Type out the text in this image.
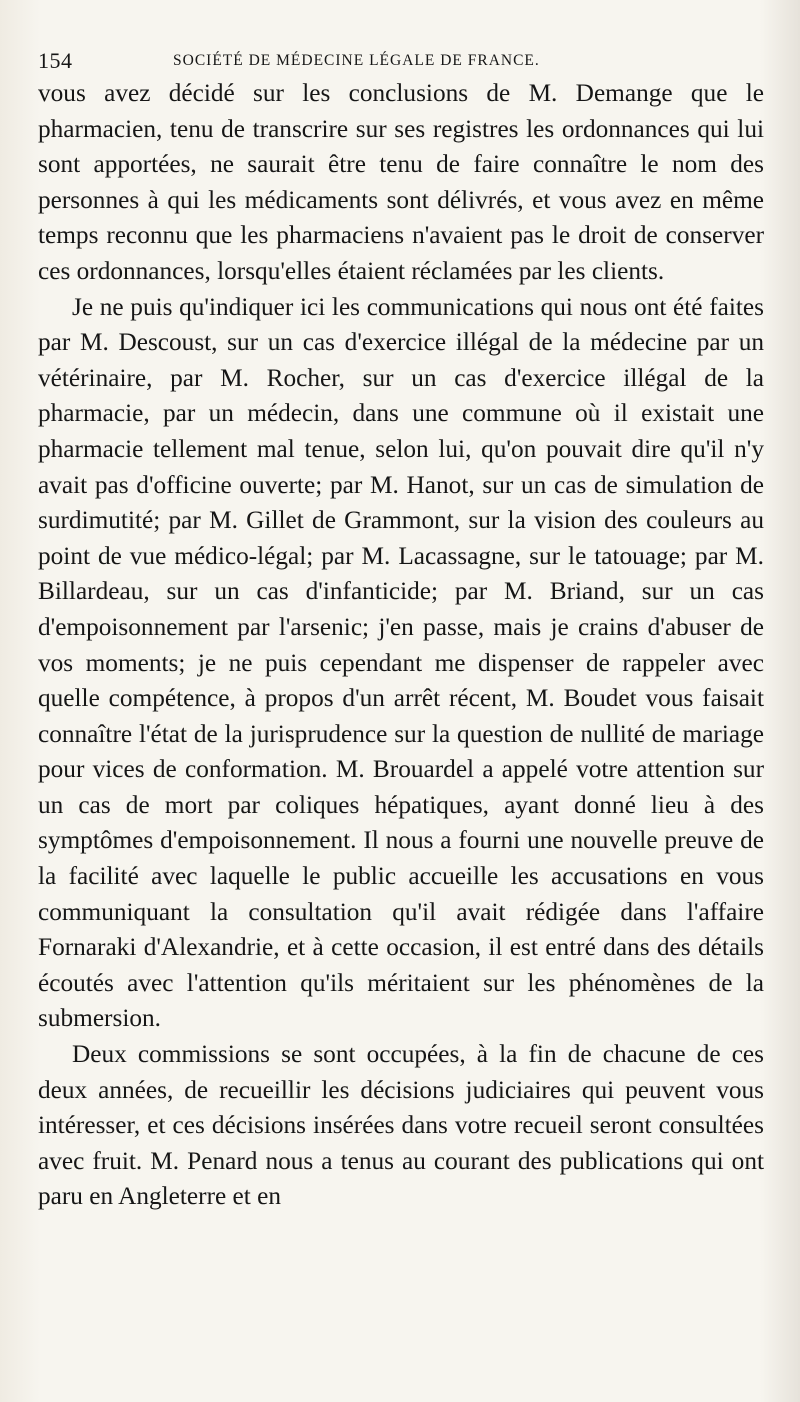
154	SOCIÉTÉ DE MÉDECINE LÉGALE DE FRANCE.

vous avez décidé sur les conclusions de M. Demange que le pharmacien, tenu de transcrire sur ses registres les ordonnances qui lui sont apportées, ne saurait être tenu de faire connaître le nom des personnes à qui les médicaments sont délivrés, et vous avez en même temps reconnu que les pharmaciens n'avaient pas le droit de conserver ces ordonnances, lorsqu'elles étaient réclamées par les clients.

Je ne puis qu'indiquer ici les communications qui nous ont été faites par M. Descoust, sur un cas d'exercice illégal de la médecine par un vétérinaire, par M. Rocher, sur un cas d'exercice illégal de la pharmacie, par un médecin, dans une commune où il existait une pharmacie tellement mal tenue, selon lui, qu'on pouvait dire qu'il n'y avait pas d'officine ouverte; par M. Hanot, sur un cas de simulation de surdimutité; par M. Gillet de Grammont, sur la vision des couleurs au point de vue médico-légal; par M. Lacassagne, sur le tatouage; par M. Billardeau, sur un cas d'infanticide; par M. Briand, sur un cas d'empoisonnement par l'arsenic; j'en passe, mais je crains d'abuser de vos moments; je ne puis cependant me dispenser de rappeler avec quelle compétence, à propos d'un arrêt récent, M. Boudet vous faisait connaître l'état de la jurisprudence sur la question de nullité de mariage pour vices de conformation. M. Brouardel a appelé votre attention sur un cas de mort par coliques hépatiques, ayant donné lieu à des symptômes d'empoisonnement. Il nous a fourni une nouvelle preuve de la facilité avec laquelle le public accueille les accusations en vous communiquant la consultation qu'il avait rédigée dans l'affaire Fornaraki d'Alexandrie, et à cette occasion, il est entré dans des détails écoutés avec l'attention qu'ils méritaient sur les phénomènes de la submersion.

Deux commissions se sont occupées, à la fin de chacune de ces deux années, de recueillir les décisions judiciaires qui peuvent vous intéresser, et ces décisions insérées dans votre recueil seront consultées avec fruit. M. Penard nous a tenus au courant des publications qui ont paru en Angleterre et en
